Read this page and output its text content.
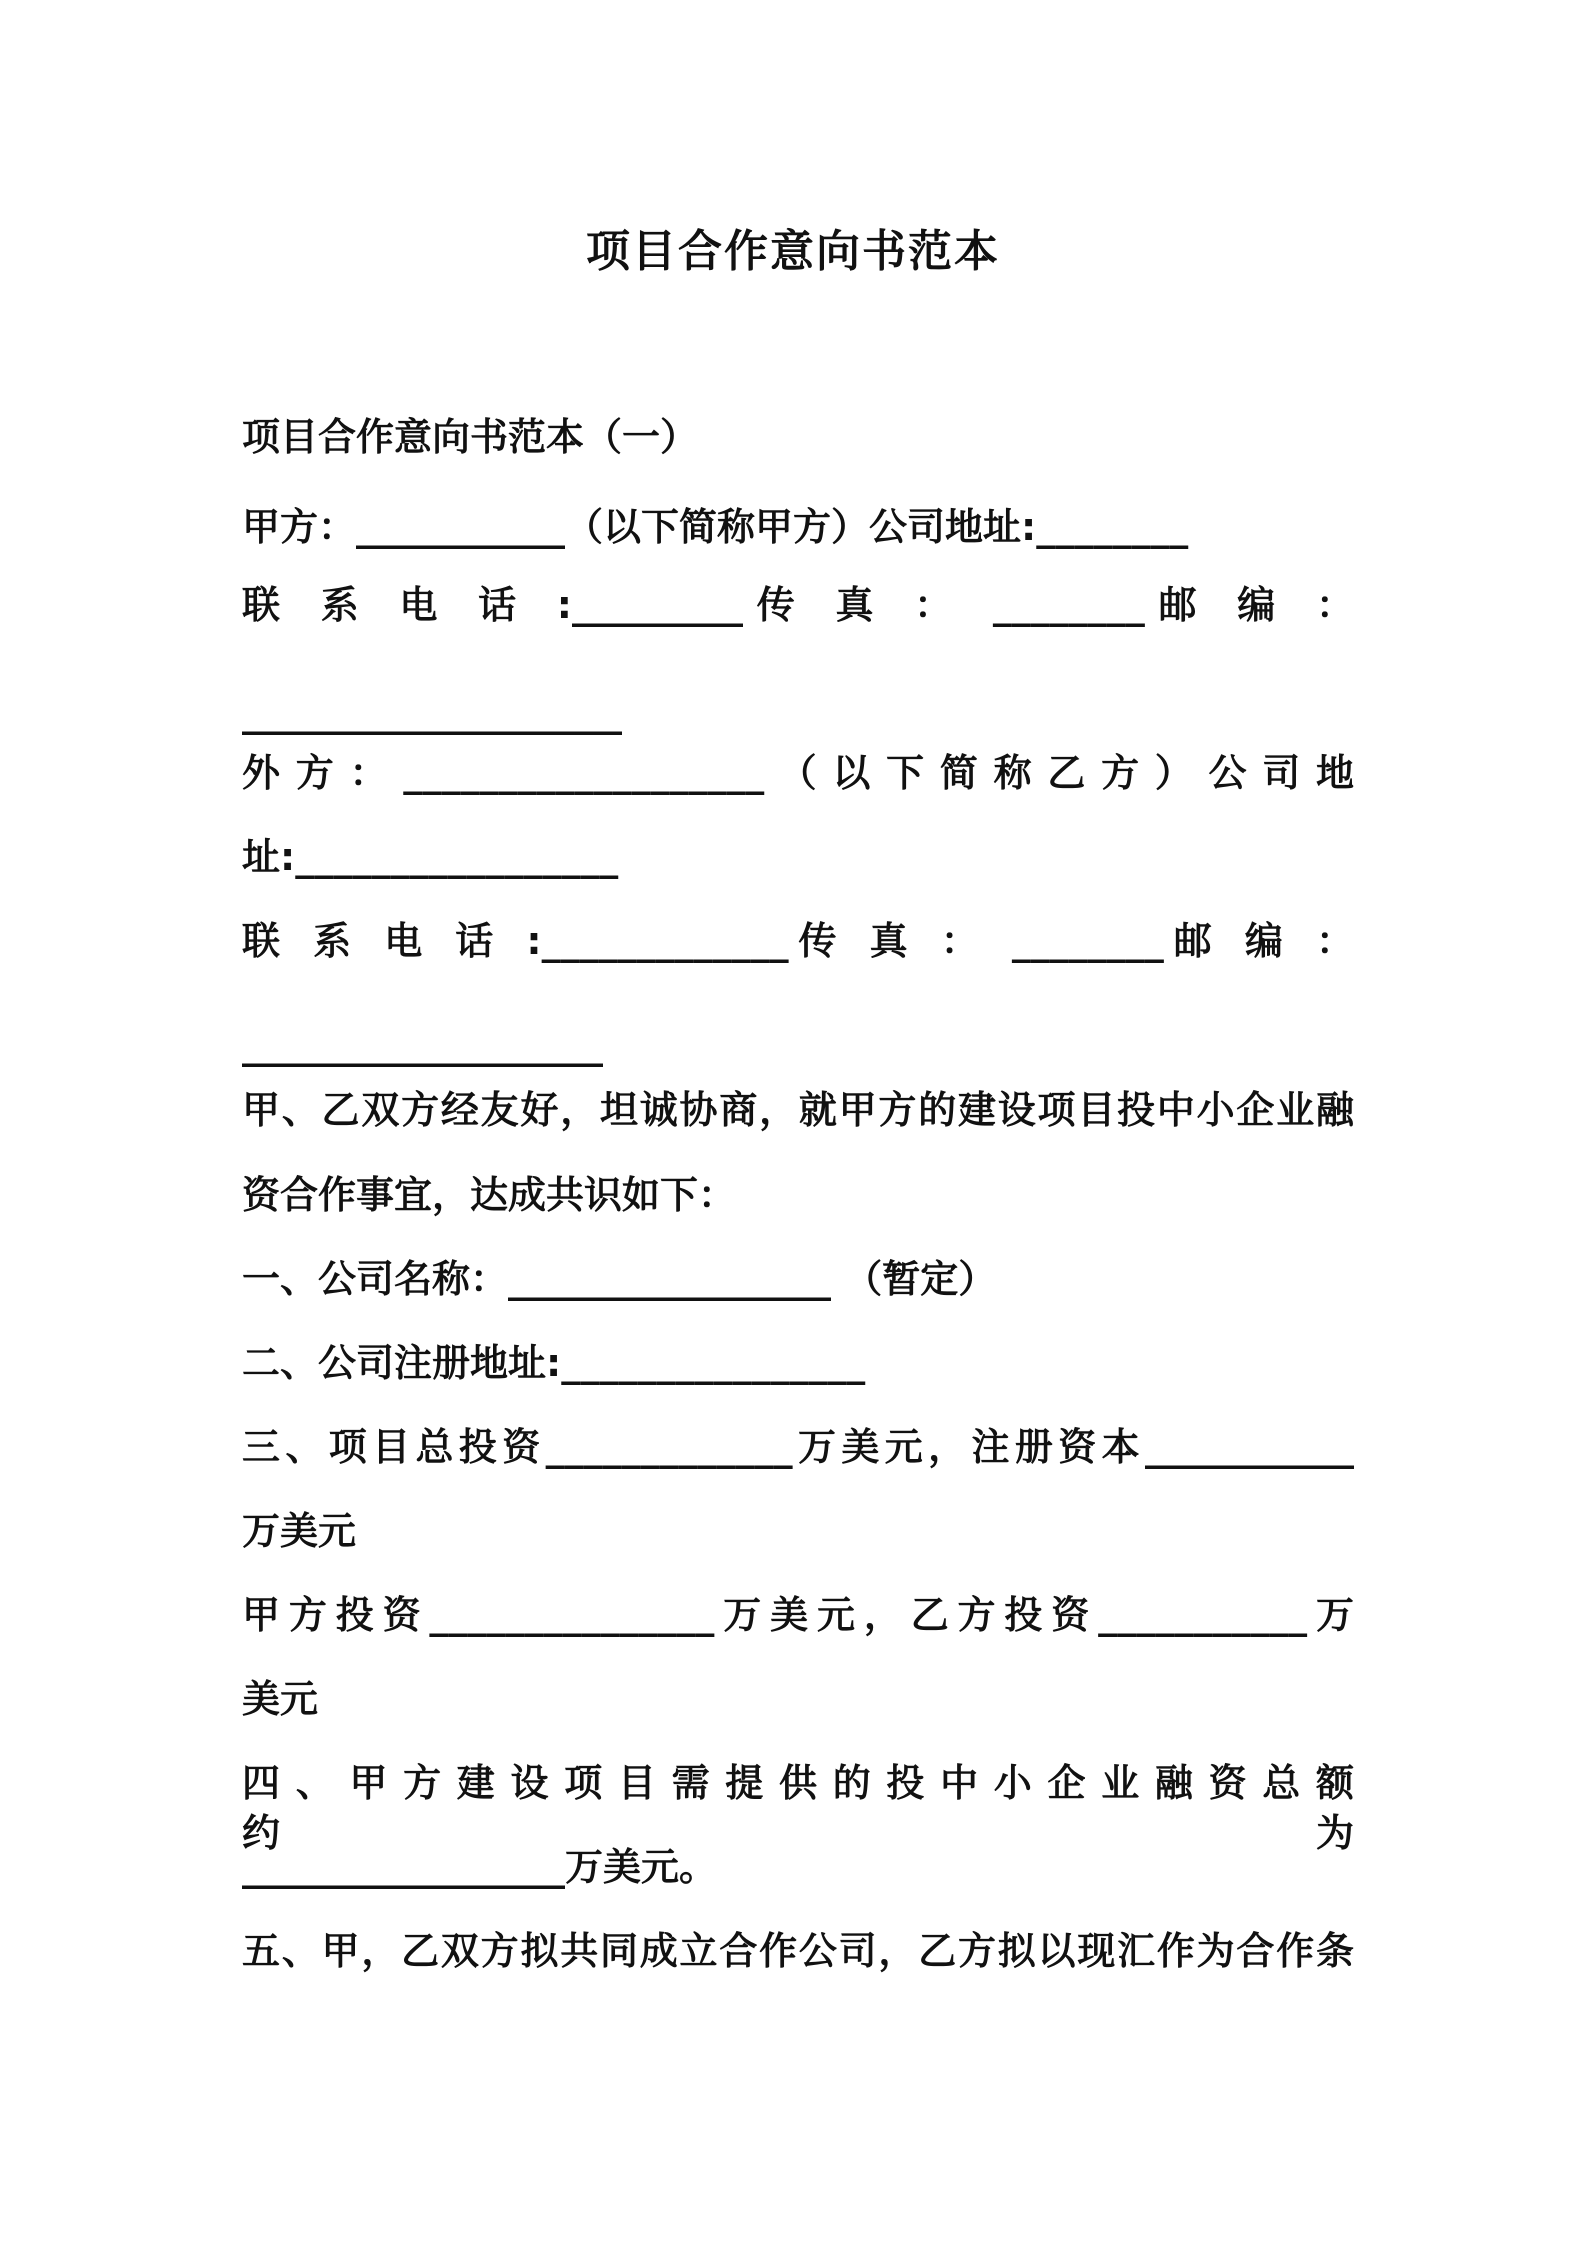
项目合作意向书范本
项目合作意向书范本（一）
甲方：___________（以下简称甲方）公司地址:________
联 系 电 话 :_________传 真 ： ________邮 编 ：
____________________
外 方 ： ___________________ （ 以 下 简 称 乙 方 ） 公 司 地
址:_________________
联 系 电 话 :_____________传 真 ： ________邮 编 ：
___________________
甲、乙双方经友好，坦诚协商，就甲方的建设项目投中小企业融
资合作事宜，达成共识如下：
一、公司名称：_________________ （暂定）
二、公司注册地址:________________
三、项目总投资_____________万美元，注册资本___________
万美元
甲方投资_______________万美元，乙方投资___________万
美元
四 、 甲 方 建 设 项 目 需 提 供 的 投 中 小 企 业 融 资 总 额 约 为
_________________万美元。
五、甲，乙双方拟共同成立合作公司，乙方拟以现汇作为合作条
